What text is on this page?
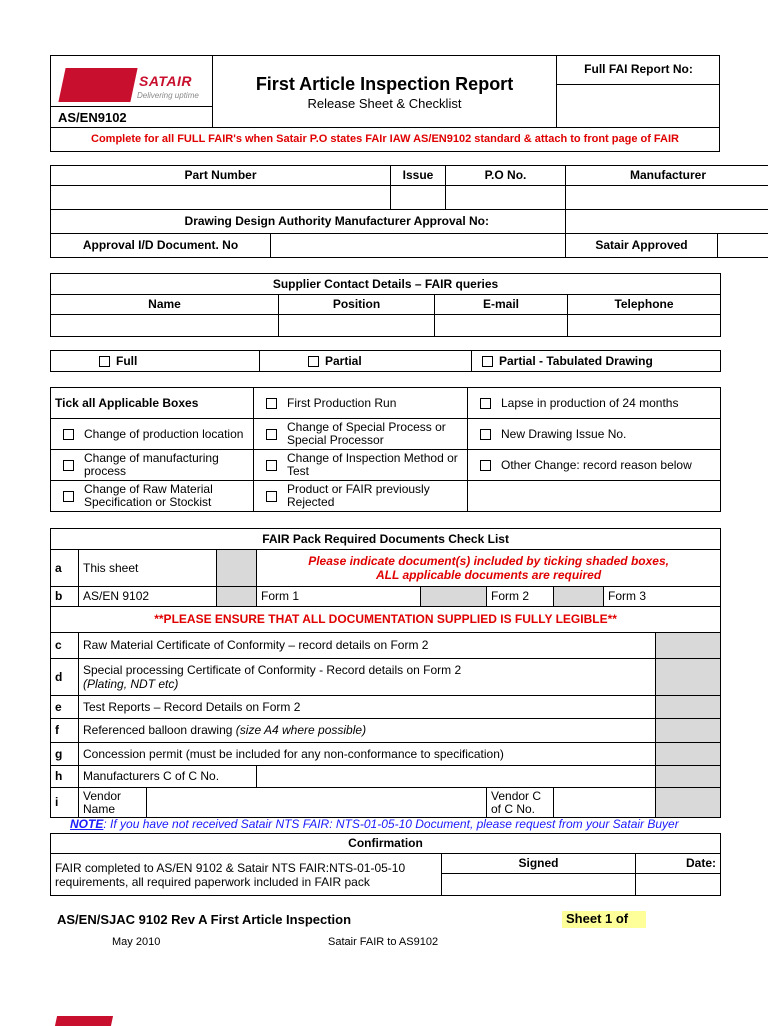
SATAIR
Delivering uptime
AS/EN9102
First Article Inspection Report
Release Sheet & Checklist
Full FAI Report No:
Complete for all FULL FAIR's when Satair P.O states FAIr IAW AS/EN9102 standard & attach to front page of FAIR
Part Number		Issue	P.O No.	Manufacturer	

Drawing Design Authority Manufacturer Approval No:					
Approval I/D Document. No				Satair Approved	
Supplier Contact Details – FAIR queries			
Name	Position	E-mail	Telephone

Full	Partial	Partial - Tabulated Drawing
Tick all Applicable Boxes	First Production Run	Lapse in production of 24 months

Change of production location	Change of Special Process or Special Processor	New Drawing Issue No.

Change of manufacturing process	Change of Inspection Method or Test	Other Change: record reason below

Change of Raw Material Specification or Stockist	Product or FAIR previously Rejected	

FAIR Pack Required Documents Check List									
a	This sheet			Please indicate document(s) included by ticking shaded boxes,
ALL applicable documents are required					

b	AS/EN 9102			Form 1		Form 2		Form 3	
**PLEASE ENSURE THAT ALL DOCUMENTATION SUPPLIED IS FULLY LEGIBLE**									
c	Raw Material Certificate of Conformity – record details on Form 2								
d	Special processing Certificate of Conformity - Record details on Form 2
(Plating, NDT etc)								

e	Test Reports – Record Details on Form 2								
f	Referenced balloon drawing (size A4 where possible)								
g	Concession permit (must be included for any non-conformance to specification)								
h	Manufacturers C of C No.								
i	Vendor Name					Vendor C of C No.			
NOTE: If you have not received Satair NTS FAIR: NTS-01-05-10 Document, please request from your Satair Buyer
Confirmation		
FAIR completed to AS/EN 9102 & Satair NTS FAIR:NTS-01-05-10 requirements, all required paperwork included in FAIR pack	Signed	Date:

AS/EN/SJAC 9102 Rev A First Article Inspection	Sheet 1 of
May 2010	Satair FAIR to AS9102
